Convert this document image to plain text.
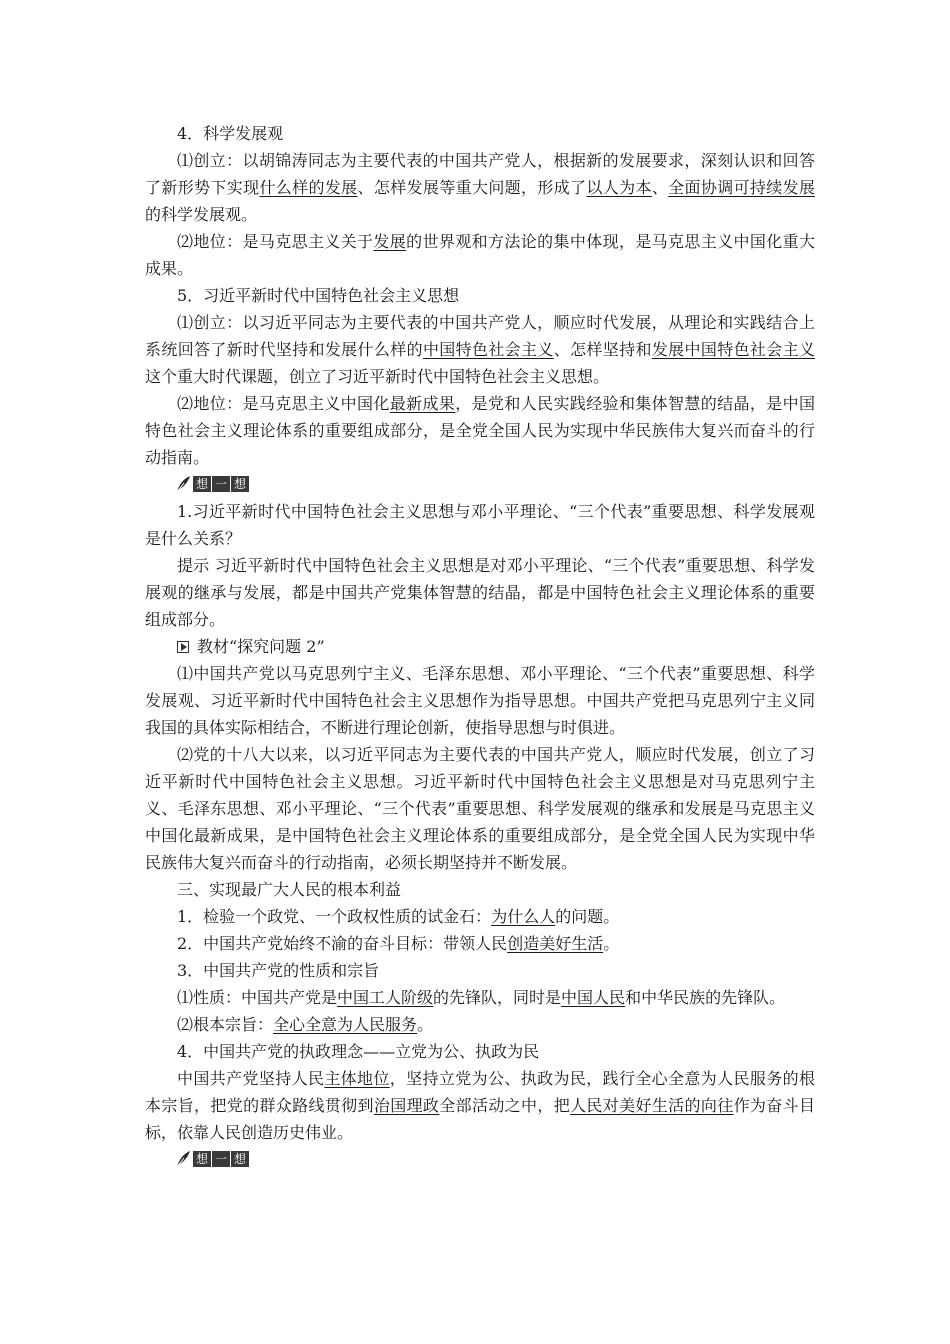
4．科学发展观

⑴创立：以胡锦涛同志为主要代表的中国共产党人，根据新的发展要求，深刻认识和回答了新形势下实现什么样的发展、怎样发展等重大问题，形成了以人为本、全面协调可持续发展的科学发展观。

⑵地位：是马克思主义关于发展的世界观和方法论的集中体现，是马克思主义中国化重大成果。

5．习近平新时代中国特色社会主义思想

⑴创立：以习近平同志为主要代表的中国共产党人，顺应时代发展，从理论和实践结合上系统回答了新时代坚持和发展什么样的中国特色社会主义、怎样坚持和发展中国特色社会主义这个重大时代课题，创立了习近平新时代中国特色社会主义思想。

⑵地位：是马克思主义中国化最新成果，是党和人民实践经验和集体智慧的结晶，是中国特色社会主义理论体系的重要组成部分，是全党全国人民为实现中华民族伟大复兴而奋斗的行动指南。

想 一 想

1.习近平新时代中国特色社会主义思想与邓小平理论、“三个代表”重要思想、科学发展观是什么关系？

提示 习近平新时代中国特色社会主义思想是对邓小平理论、“三个代表”重要思想、科学发展观的继承与发展，都是中国共产党集体智慧的结晶，都是中国特色社会主义理论体系的重要组成部分。

教材“探究问题 2”

⑴中国共产党以马克思列宁主义、毛泽东思想、邓小平理论、“三个代表”重要思想、科学发展观、习近平新时代中国特色社会主义思想作为指导思想。中国共产党把马克思列宁主义同我国的具体实际相结合，不断进行理论创新，使指导思想与时俱进。

⑵党的十八大以来，以习近平同志为主要代表的中国共产党人，顺应时代发展，创立了习近平新时代中国特色社会主义思想。习近平新时代中国特色社会主义思想是对马克思列宁主义、毛泽东思想、邓小平理论、“三个代表”重要思想、科学发展观的继承和发展是马克思主义中国化最新成果，是中国特色社会主义理论体系的重要组成部分，是全党全国人民为实现中华民族伟大复兴而奋斗的行动指南，必须长期坚持并不断发展。

三、实现最广大人民的根本利益

1．检验一个政党、一个政权性质的试金石：为什么人的问题。

2．中国共产党始终不渝的奋斗目标：带领人民创造美好生活。

3．中国共产党的性质和宗旨

⑴性质：中国共产党是中国工人阶级的先锋队，同时是中国人民和中华民族的先锋队。

⑵根本宗旨：全心全意为人民服务。

4．中国共产党的执政理念——立党为公、执政为民

中国共产党坚持人民主体地位，坚持立党为公、执政为民，践行全心全意为人民服务的根本宗旨，把党的群众路线贯彻到治国理政全部活动之中，把人民对美好生活的向往作为奋斗目标，依靠人民创造历史伟业。

想 一 想
